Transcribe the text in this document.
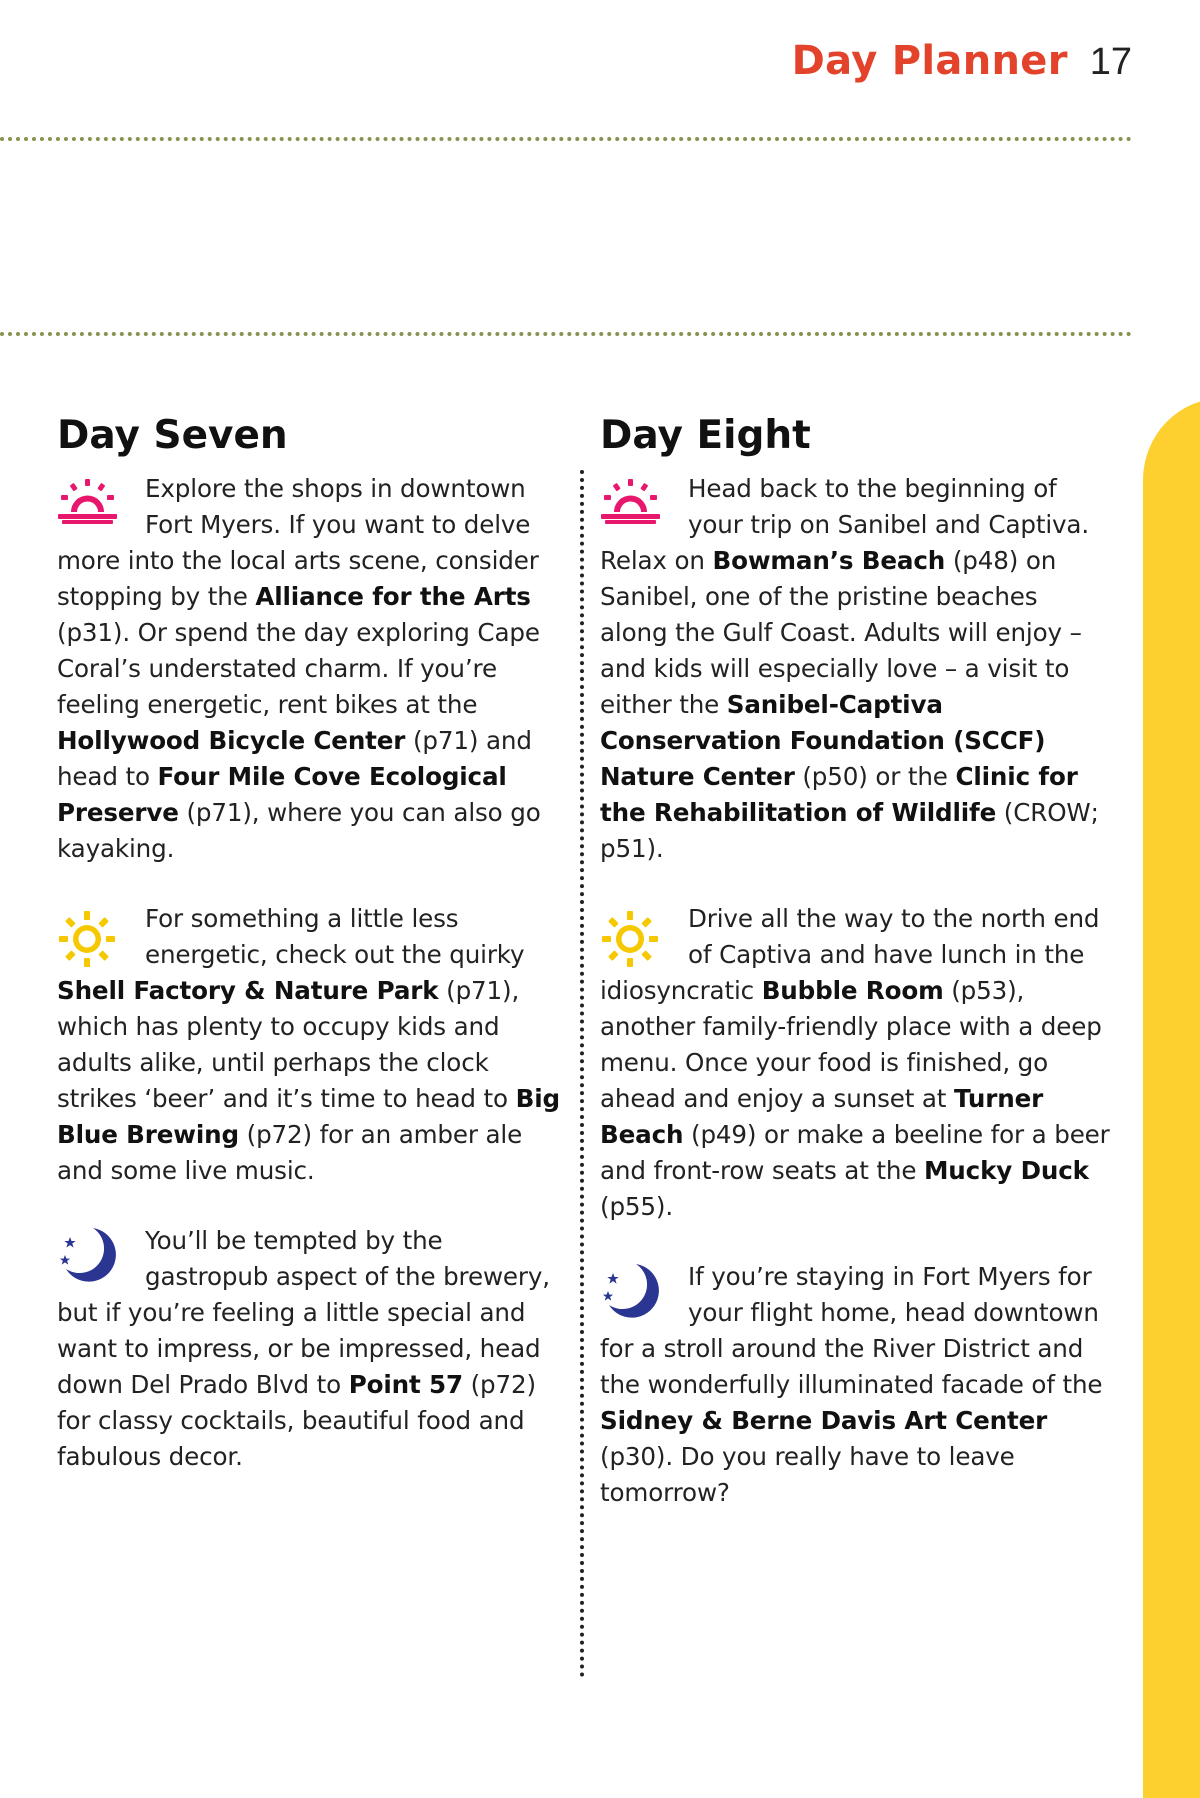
Day Planner 17
Day Seven

Explore the shops in downtown Fort Myers. If you want to delve more into the local arts scene, consider stopping by the Alliance for the Arts (p31). Or spend the day exploring Cape Coral’s understated charm. If you’re feeling energetic, rent bikes at the Hollywood Bicycle Center (p71) and head to Four Mile Cove Ecological Preserve (p71), where you can also go kayaking.

For something a little less energetic, check out the quirky Shell Factory & Nature Park (p71), which has plenty to occupy kids and adults alike, until perhaps the clock strikes ‘beer’ and it’s time to head to Big Blue Brewing (p72) for an amber ale and some live music.

You’ll be tempted by the gastropub aspect of the brewery, but if you’re feeling a little special and want to impress, or be impressed, head down Del Prado Blvd to Point 57 (p72) for classy cocktails, beautiful food and fabulous decor.

Day Eight

Head back to the beginning of your trip on Sanibel and Captiva. Relax on Bowman’s Beach (p48) on Sanibel, one of the pristine beaches along the Gulf Coast. Adults will enjoy – and kids will especially love – a visit to either the Sanibel-Captiva Conservation Foundation (SCCF) Nature Center (p50) or the Clinic for the Rehabilitation of Wildlife (CROW; p51).

Drive all the way to the north end of Captiva and have lunch in the idiosyncratic Bubble Room (p53), another family-friendly place with a deep menu. Once your food is finished, go ahead and enjoy a sunset at Turner Beach (p49) or make a beeline for a beer and front-row seats at the Mucky Duck (p55).

If you’re staying in Fort Myers for your flight home, head downtown for a stroll around the River District and the wonderfully illuminated facade of the Sidney & Berne Davis Art Center (p30). Do you really have to leave tomorrow?
